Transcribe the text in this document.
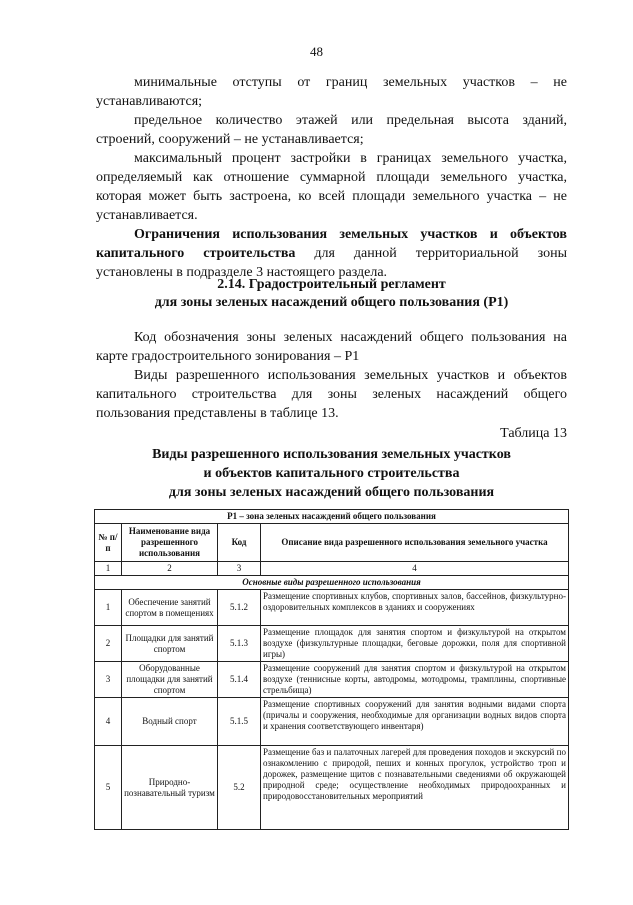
48

минимальные отступы от границ земельных участков – не устанавливаются;

предельное количество этажей или предельная высота зданий, строений, сооружений – не устанавливается;

максимальный процент застройки в границах земельного участка, определяемый как отношение суммарной площади земельного участка, которая может быть застроена, ко всей площади земельного участка – не устанавливается.

Ограничения использования земельных участков и объектов капитального строительства для данной территориальной зоны установлены в подразделе 3 настоящего раздела.

2.14. Градостроительный регламент
для зоны зеленых насаждений общего пользования (Р1)

Код обозначения зоны зеленых насаждений общего пользования на карте градостроительного зонирования – Р1

Виды разрешенного использования земельных участков и объектов капитального строительства для зоны зеленых насаждений общего пользования представлены в таблице 13.

Таблица 13

Виды разрешенного использования земельных участков
и объектов капитального строительства
для зоны зеленых насаждений общего пользования
Р1 – зона зеленых насаждений общего пользования			
№ п/п	Наименование вида разрешенного использования	Код	Описание вида разрешенного использования земельного участка
1	2	3	4
Основные виды разрешенного использования			
1	Обеспечение занятий спортом в помещениях	5.1.2	Размещение спортивных клубов, спортивных залов, бассейнов, физкультурно-оздоровительных комплексов в зданиях и сооружениях
2	Площадки для занятий спортом	5.1.3	Размещение площадок для занятия спортом и физкультурой на открытом воздухе (физкультурные площадки, беговые дорожки, поля для спортивной игры)
3	Оборудованные площадки для занятий спортом	5.1.4	Размещение сооружений для занятия спортом и физкультурой на открытом воздухе (теннисные корты, автодромы, мотодромы, трамплины, спортивные стрельбища)
4	Водный спорт	5.1.5	Размещение спортивных сооружений для занятия водными видами спорта (причалы и сооружения, необходимые для организации водных видов спорта и хранения соответствующего инвентаря)
5	Природно-познавательный туризм	5.2	Размещение баз и палаточных лагерей для проведения походов и экскурсий по ознакомлению с природой, пеших и конных прогулок, устройство троп и дорожек, размещение щитов с познавательными сведениями об окружающей природной среде; осуществление необходимых природоохранных и природовосстановительных мероприятий
